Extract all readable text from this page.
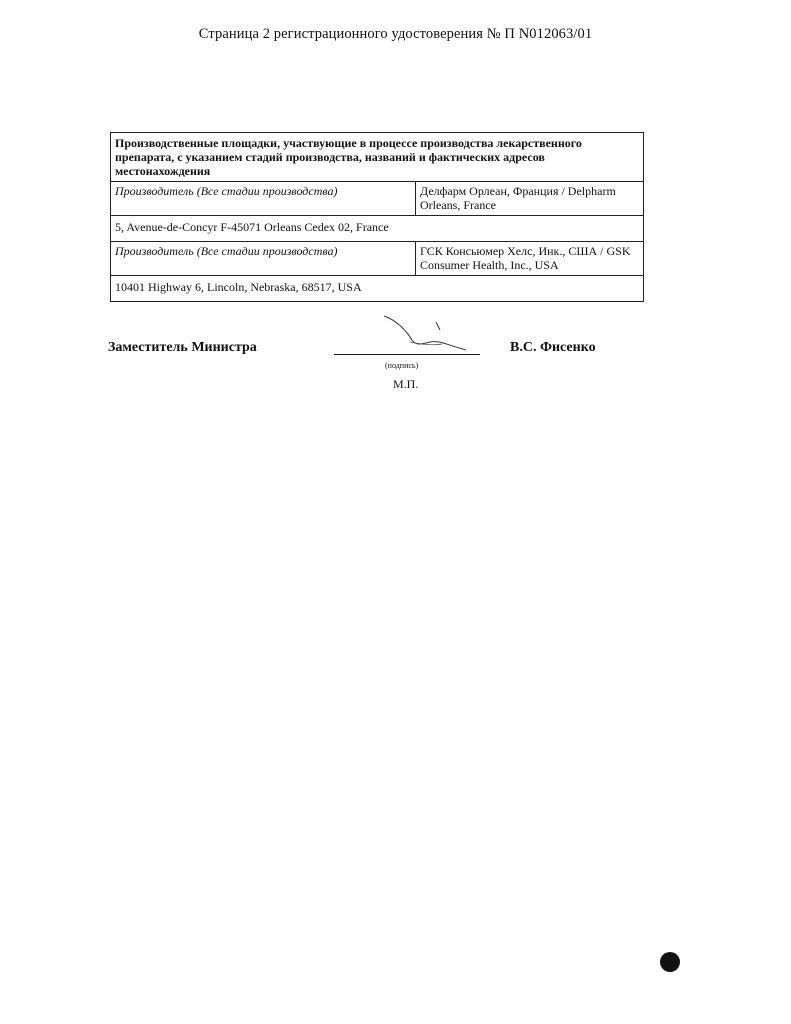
Страница 2 регистрационного удостоверения № П N012063/01
Производственные площадки, участвующие в процессе производства лекарственного препарата, с указанием стадий производства, названий и фактических адресов местонахождения	
Производитель (Все стадии производства)	Делфарм Орлеан, Франция / Delpharm Orleans, France
5, Avenue-de-Concyr F-45071 Orleans Cedex 02, France	
Производитель (Все стадии производства)	ГСК Консьюмер Хелс, Инк., США / GSK Consumer Health, Inc., USA
10401 Highway 6, Lincoln, Nebraska, 68517, USA	
Заместитель Министра	В.С. Фисенко
(подпись)
М.П.
